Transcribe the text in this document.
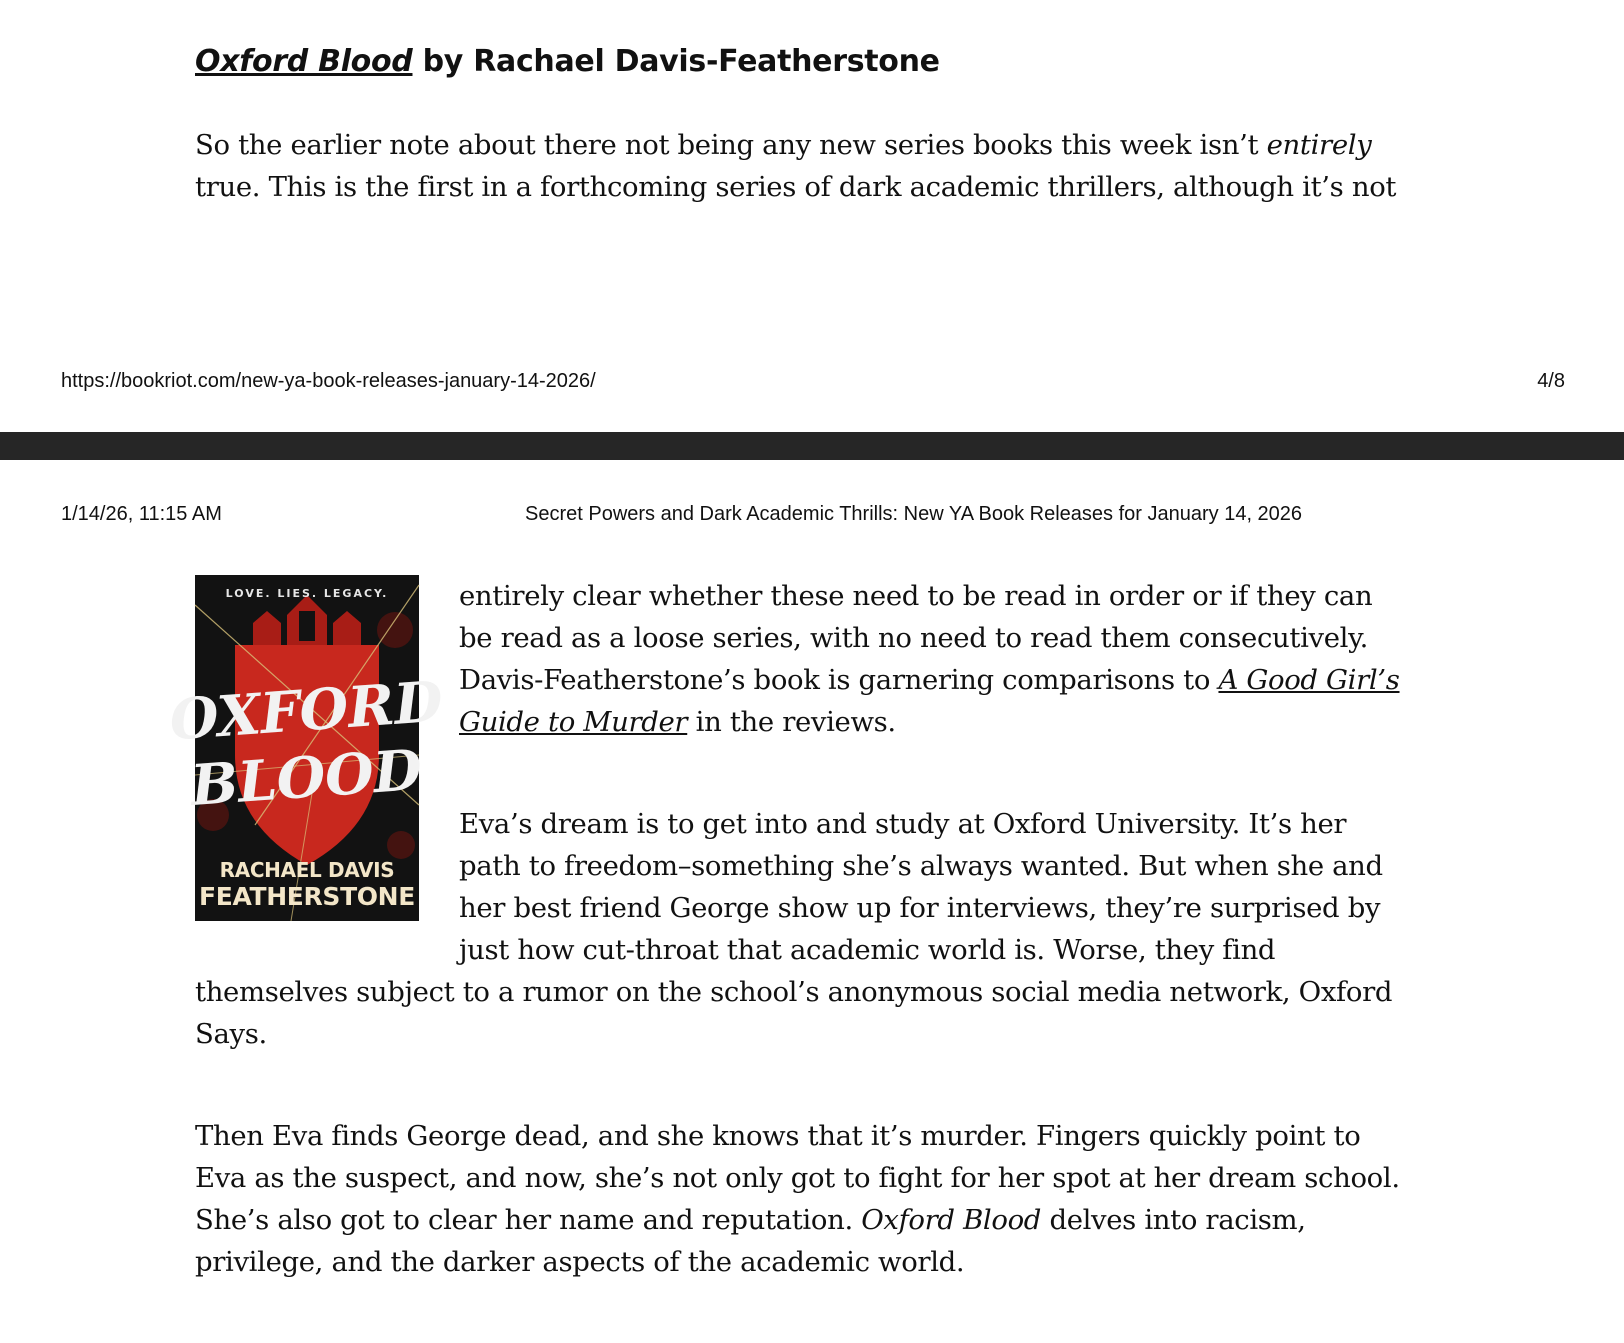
Oxford Blood by Rachael Davis-Featherstone

So the earlier note about there not being any new series books this week isn’t entirely true. This is the first in a forthcoming series of dark academic thrillers, although it’s not

https://bookriot.com/new-ya-book-releases-january-14-2026/	4/8
1/14/26, 11:15 AM	Secret Powers and Dark Academic Thrills: New YA Book Releases for January 14, 2026
LOVE. LIES. LEGACY.
OXFORD
BLOOD
RACHAEL DAVIS
FEATHERSTONE

entirely clear whether these need to be read in order or if they can be read as a loose series, with no need to read them consecutively. Davis-Featherstone’s book is garnering comparisons to A Good Girl’s Guide to Murder in the reviews.

Eva’s dream is to get into and study at Oxford University. It’s her path to freedom–something she’s always wanted. But when she and her best friend George show up for interviews, they’re surprised by just how cut-throat that academic world is. Worse, they find themselves subject to a rumor on the school’s anonymous social media network, Oxford Says.

Then Eva finds George dead, and she knows that it’s murder. Fingers quickly point to Eva as the suspect, and now, she’s not only got to fight for her spot at her dream school. She’s also got to clear her name and reputation. Oxford Blood delves into racism, privilege, and the darker aspects of the academic world.
